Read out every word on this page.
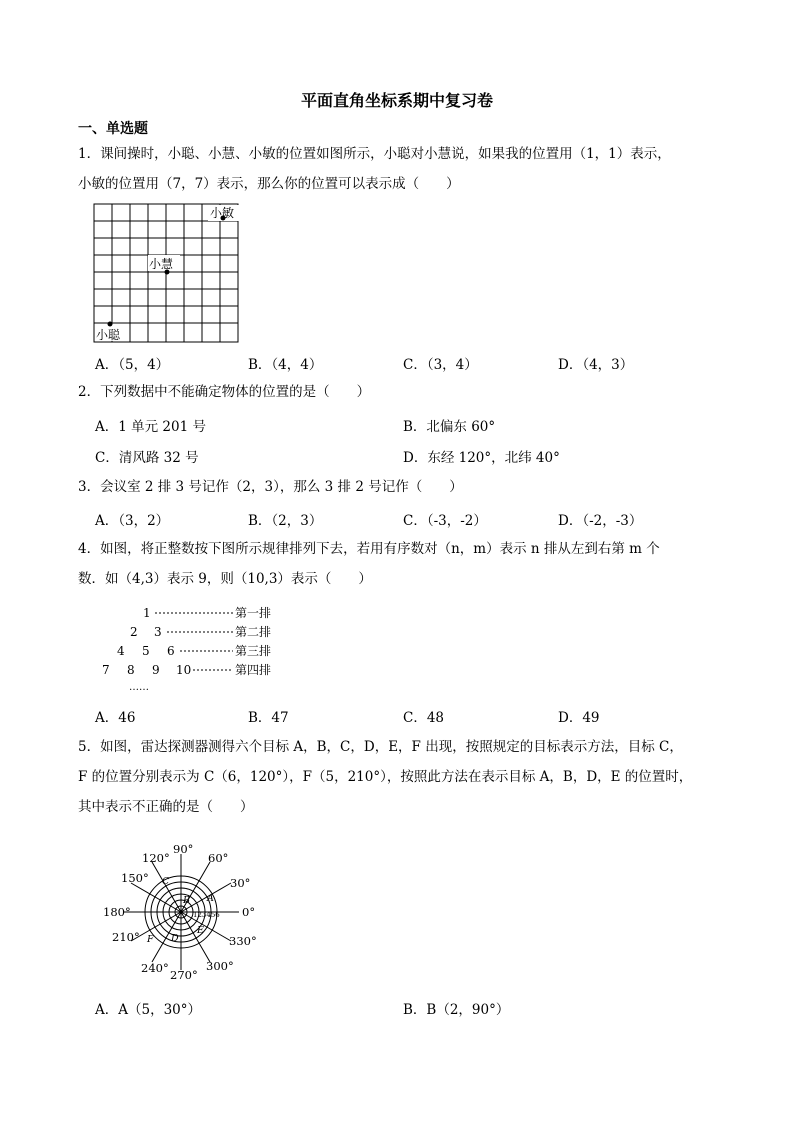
平面直角坐标系期中复习卷
一、单选题
1．课间操时，小聪、小慧、小敏的位置如图所示，小聪对小慧说，如果我的位置用（1，1）表示，
小敏的位置用（7，7）表示，那么你的位置可以表示成（　　）
小敏
小慧
小聪
A．（5，4）	B．（4，4）	C．（3，4）	D．（4，3）
2．下列数据中不能确定物体的位置的是（　　）
A．1 单元 201 号	B．北偏东 60°
C．清风路 32 号	D．东经 120°，北纬 40°
3．会议室 2 排 3 号记作（2，3），那么 3 排 2 号记作（　　）
A．（3，2）	B．（2，3）	C．（-3，-2）	D．（-2，-3）
4．如图，将正整数按下图所示规律排列下去，若用有序数对（n，m）表示 n 排从左到右第 m 个
数．如（4,3）表示 9，则（10,3）表示（　　）
1
2 3
4 5 6
7 8 9 10
第一排
第二排
第三排
第四排
……
A．46	B．47	C．48	D．49
5．如图，雷达探测器测得六个目标 A，B，C，D，E，F 出现，按照规定的目标表示方法，目标 C，
F 的位置分别表示为 C（6，120°），F（5，210°），按照此方法在表示目标 A，B，D，E 的位置时，
其中表示不正确的是（　　）
0°
30°
60°
90°
120°
150°
180°
210°
240° 270°
300°
330°
A
B
C
D
E
F
123456
A．A（5，30°）	B．B（2，90°）
